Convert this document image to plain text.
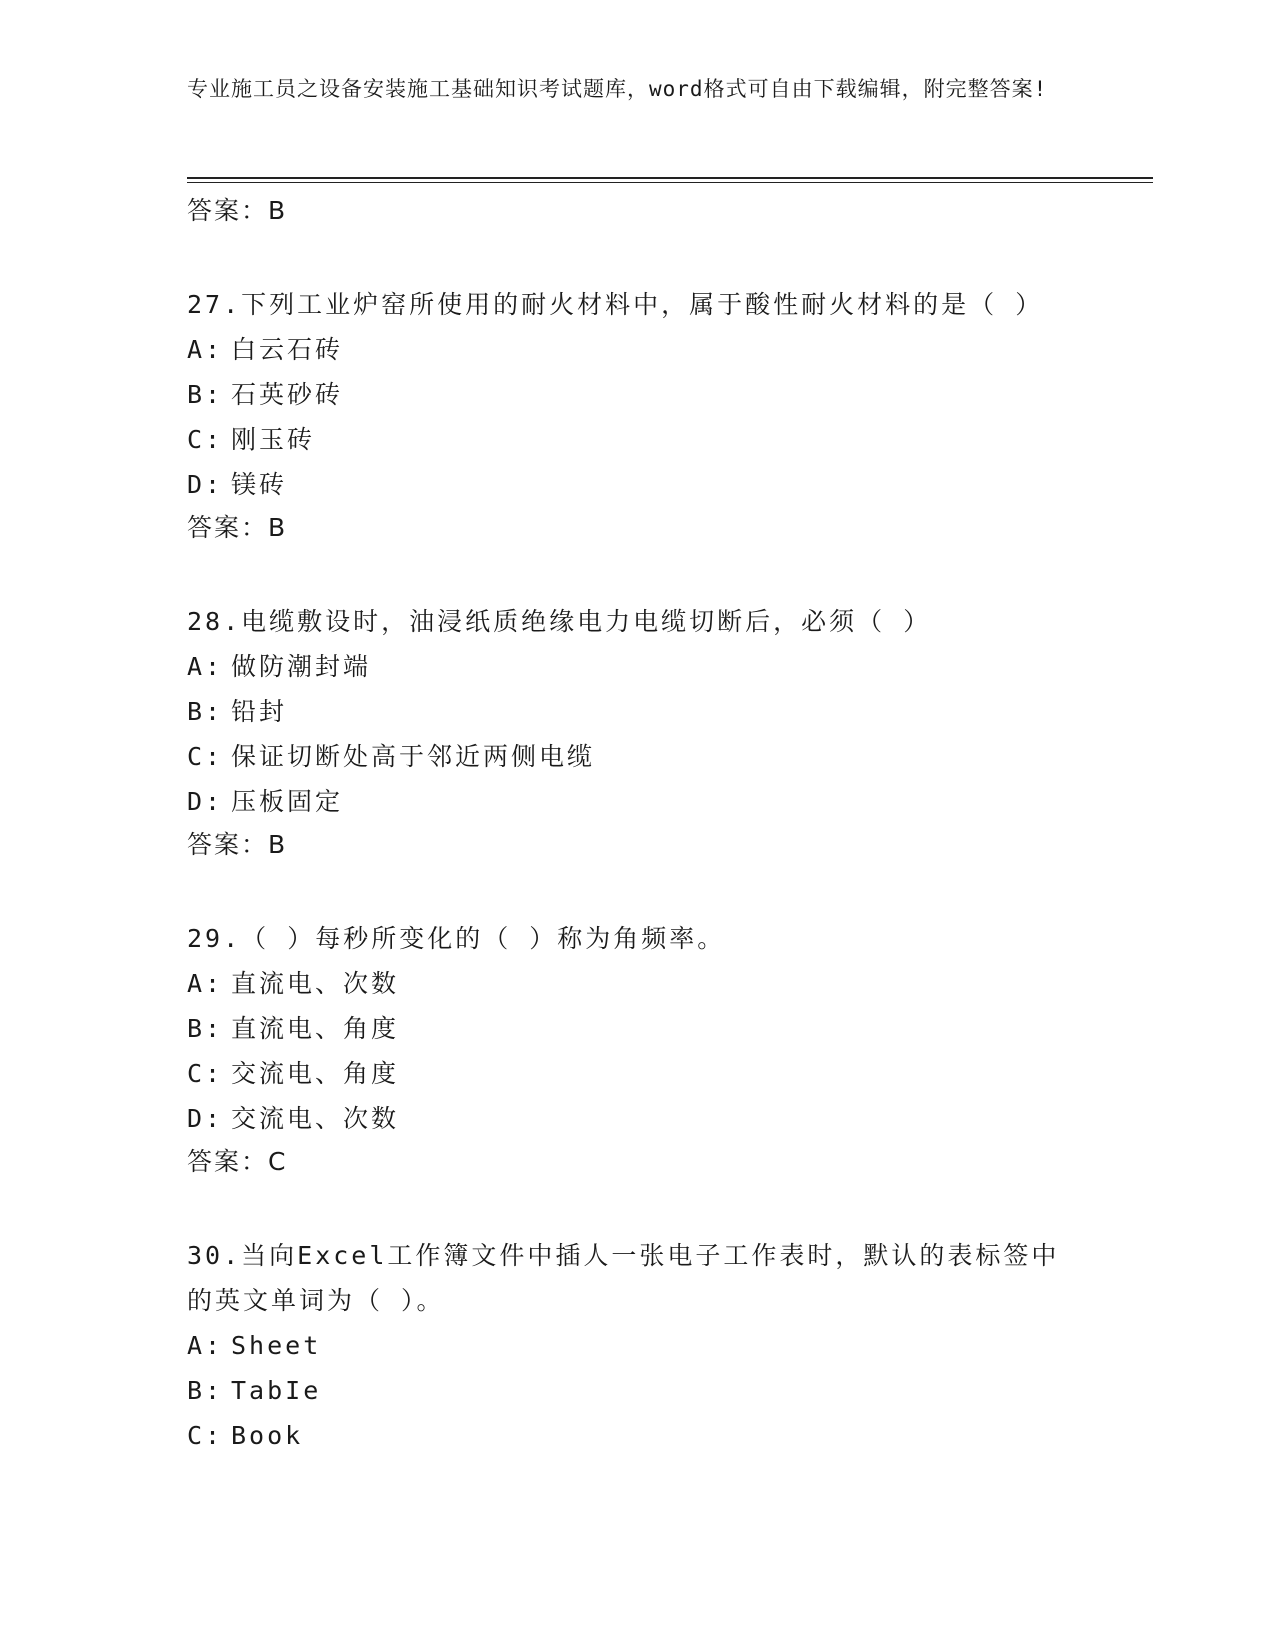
专业施工员之设备安装施工基础知识考试题库，word格式可自由下载编辑，附完整答案!
答案：B
27.下列工业炉窑所使用的耐火材料中，属于酸性耐火材料的是（ ）
A: 白云石砖
B: 石英砂砖
C: 刚玉砖
D: 镁砖
答案：B
28.电缆敷设时，油浸纸质绝缘电力电缆切断后，必须（ ）
A: 做防潮封端
B: 铅封
C: 保证切断处高于邻近两侧电缆
D: 压板固定
答案：B
29.（ ）每秒所变化的（ ）称为角频率。
A: 直流电、次数
B: 直流电、角度
C: 交流电、角度
D: 交流电、次数
答案：C
30.当向Excel工作簿文件中插人一张电子工作表时，默认的表标签中的英文单词为（ ）。
A: Sheet
B: TabIe
C: Book
